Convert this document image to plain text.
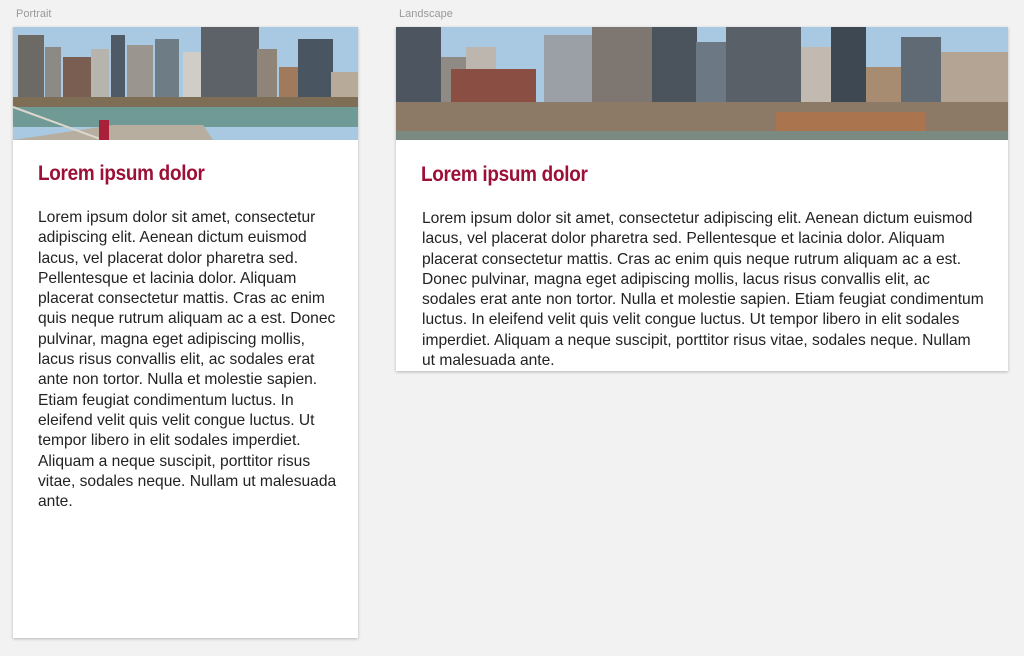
Portrait	Landscape
Lorem ipsum dolor

Lorem ipsum dolor sit amet, consectetur adipiscing elit. Aenean dictum euismod lacus, vel placerat dolor pharetra sed. Pellentesque et lacinia dolor. Aliquam placerat consectetur mattis. Cras ac enim quis neque rutrum aliquam ac a est. Donec pulvinar, magna eget adipiscing mollis, lacus risus convallis elit, ac sodales erat ante non tortor. Nulla et molestie sapien. Etiam feugiat condimentum luctus. In eleifend velit quis velit congue luctus. Ut tempor libero in elit sodales imperdiet. Aliquam a neque suscipit, porttitor risus vitae, sodales neque. Nullam ut malesuada ante.

Lorem ipsum dolor

Lorem ipsum dolor sit amet, consectetur adipiscing elit. Aenean dictum euismod lacus, vel placerat dolor pharetra sed. Pellentesque et lacinia dolor. Aliquam placerat consectetur mattis. Cras ac enim quis neque rutrum aliquam ac a est. Donec pulvinar, magna eget adipiscing mollis, lacus risus convallis elit, ac sodales erat ante non tortor. Nulla et molestie sapien. Etiam feugiat condimentum luctus. In eleifend velit quis velit congue luctus. Ut tempor libero in elit sodales imperdiet. Aliquam a neque suscipit, porttitor risus vitae, sodales neque. Nullam ut malesuada ante.
